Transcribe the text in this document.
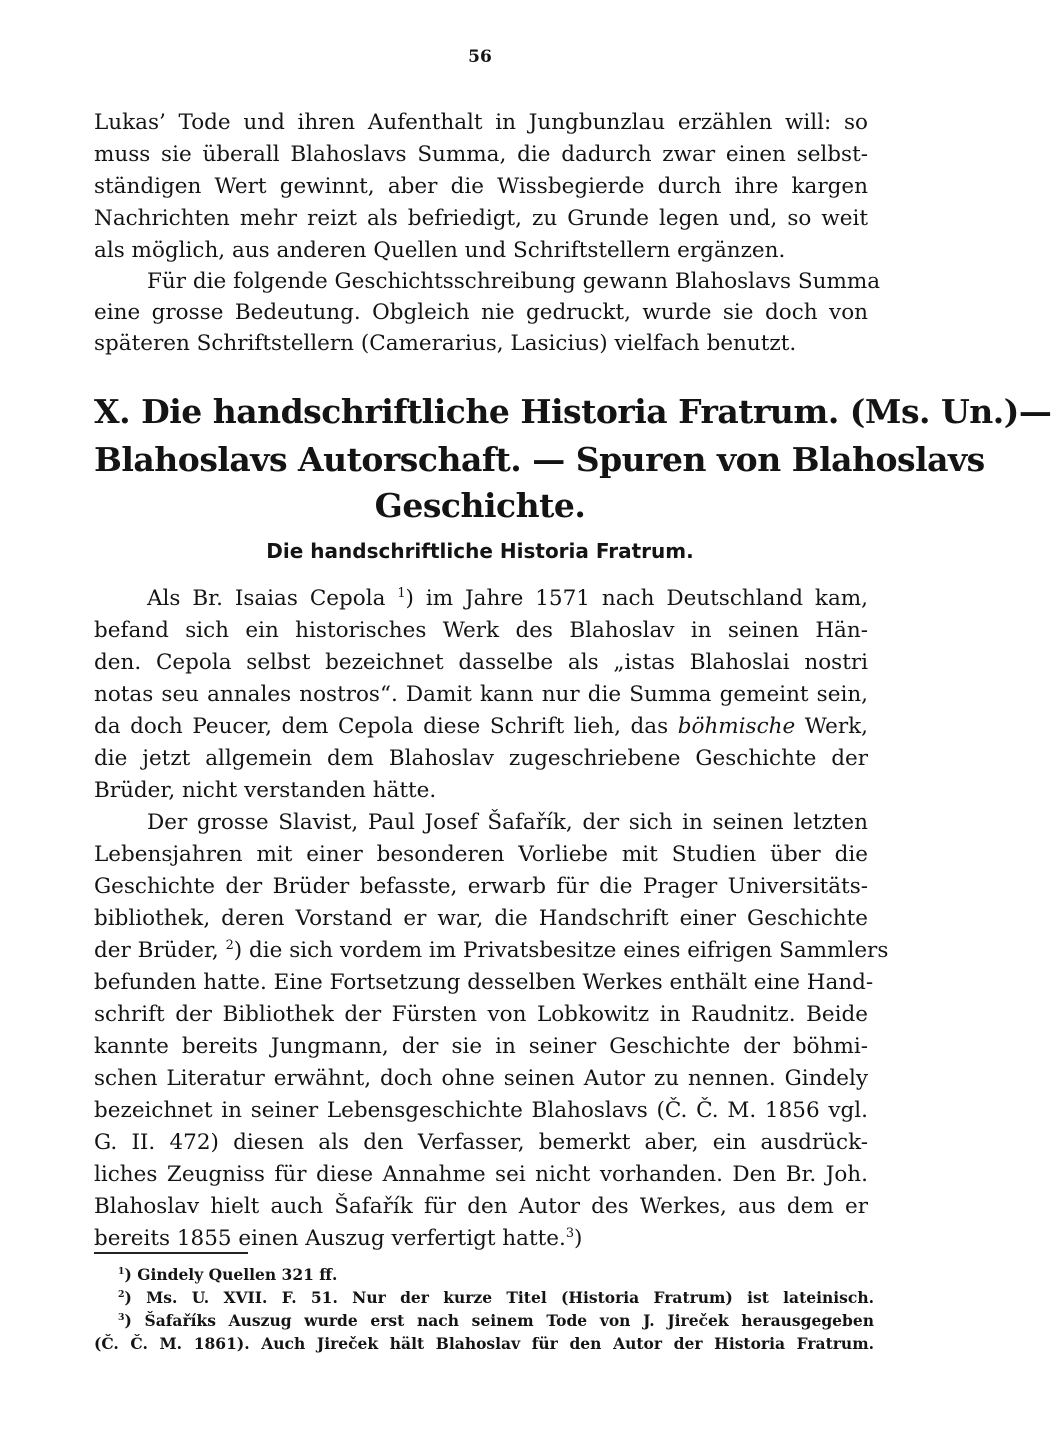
56
Lukas’ Tode und ihren Aufenthalt in Jungbunzlau erzählen will: so
muss sie überall Blahoslavs Summa, die dadurch zwar einen selbst-
ständigen Wert gewinnt, aber die Wissbegierde durch ihre kargen
Nachrichten mehr reizt als befriedigt, zu Grunde legen und, so weit
als möglich, aus anderen Quellen und Schriftstellern ergänzen.
Für die folgende Geschichtsschreibung gewann Blahoslavs Summa
eine grosse Bedeutung. Obgleich nie gedruckt, wurde sie doch von
späteren Schriftstellern (Camerarius, Lasicius) vielfach benutzt.
X. Die handschriftliche Historia Fratrum. (Ms. Un.)—
Blahoslavs Autorschaft. — Spuren von Blahoslavs
Geschichte.
Die handschriftliche Historia Fratrum.
Als Br. Isaias Cepola $^1$) im Jahre 1571 nach Deutschland kam,
befand sich ein historisches Werk des Blahoslav in seinen Hän-
den. Cepola selbst bezeichnet dasselbe als „istas Blahoslai nostri
notas seu annales nostros“. Damit kann nur die Summa gemeint sein,
da doch Peucer, dem Cepola diese Schrift lieh, das böhmische Werk,
die jetzt allgemein dem Blahoslav zugeschriebene Geschichte der
Brüder, nicht verstanden hätte.
Der grosse Slavist, Paul Josef Šafařík, der sich in seinen letzten
Lebensjahren mit einer besonderen Vorliebe mit Studien über die
Geschichte der Brüder befasste, erwarb für die Prager Universitäts-
bibliothek, deren Vorstand er war, die Handschrift einer Geschichte
der Brüder, $^2$) die sich vordem im Privatsbesitze eines eifrigen Sammlers
befunden hatte. Eine Fortsetzung desselben Werkes enthält eine Hand-
schrift der Bibliothek der Fürsten von Lobkowitz in Raudnitz. Beide
kannte bereits Jungmann, der sie in seiner Geschichte der böhmi-
schen Literatur erwähnt, doch ohne seinen Autor zu nennen. Gindely
bezeichnet in seiner Lebensgeschichte Blahoslavs (Č. Č. M. 1856 vgl.
G. II. 472) diesen als den Verfasser, bemerkt aber, ein ausdrück-
liches Zeugniss für diese Annahme sei nicht vorhanden. Den Br. Joh.
Blahoslav hielt auch Šafařík für den Autor des Werkes, aus dem er
bereits 1855 einen Auszug verfertigt hatte.$^3$)
$^1$) Gindely Quellen 321 ff.
$^2$) Ms. U. XVII. F. 51. Nur der kurze Titel (Historia Fratrum) ist lateinisch.
$^3$) Šafaříks Auszug wurde erst nach seinem Tode von J. Jireček herausgegeben
(Č. Č. M. 1861). Auch Jireček hält Blahoslav für den Autor der Historia Fratrum.
